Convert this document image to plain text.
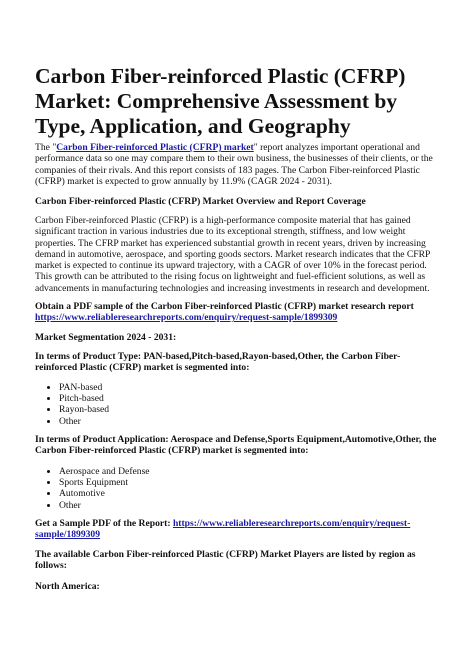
Carbon Fiber-reinforced Plastic (CFRP) Market: Comprehensive Assessment by Type, Application, and Geography
The "Carbon Fiber-reinforced Plastic (CFRP) market" report analyzes important operational and performance data so one may compare them to their own business, the businesses of their clients, or the companies of their rivals. And this report consists of 183 pages. The Carbon Fiber-reinforced Plastic (CFRP) market is expected to grow annually by 11.9% (CAGR 2024 - 2031).
Carbon Fiber-reinforced Plastic (CFRP) Market Overview and Report Coverage
Carbon Fiber-reinforced Plastic (CFRP) is a high-performance composite material that has gained significant traction in various industries due to its exceptional strength, stiffness, and low weight properties. The CFRP market has experienced substantial growth in recent years, driven by increasing demand in automotive, aerospace, and sporting goods sectors. Market research indicates that the CFRP market is expected to continue its upward trajectory, with a CAGR of over 10% in the forecast period. This growth can be attributed to the rising focus on lightweight and fuel-efficient solutions, as well as advancements in manufacturing technologies and increasing investments in research and development.
Obtain a PDF sample of the Carbon Fiber-reinforced Plastic (CFRP) market research report https://www.reliableresearchreports.com/enquiry/request-sample/1899309
Market Segmentation 2024 - 2031:
In terms of Product Type: PAN-based,Pitch-based,Rayon-based,Other, the Carbon Fiber-reinforced Plastic (CFRP) market is segmented into:
• PAN-based
• Pitch-based
• Rayon-based
• Other
In terms of Product Application: Aerospace and Defense,Sports Equipment,Automotive,Other, the Carbon Fiber-reinforced Plastic (CFRP) market is segmented into:
• Aerospace and Defense
• Sports Equipment
• Automotive
• Other
Get a Sample PDF of the Report: https://www.reliableresearchreports.com/enquiry/request-sample/1899309
The available Carbon Fiber-reinforced Plastic (CFRP) Market Players are listed by region as follows:
North America:
